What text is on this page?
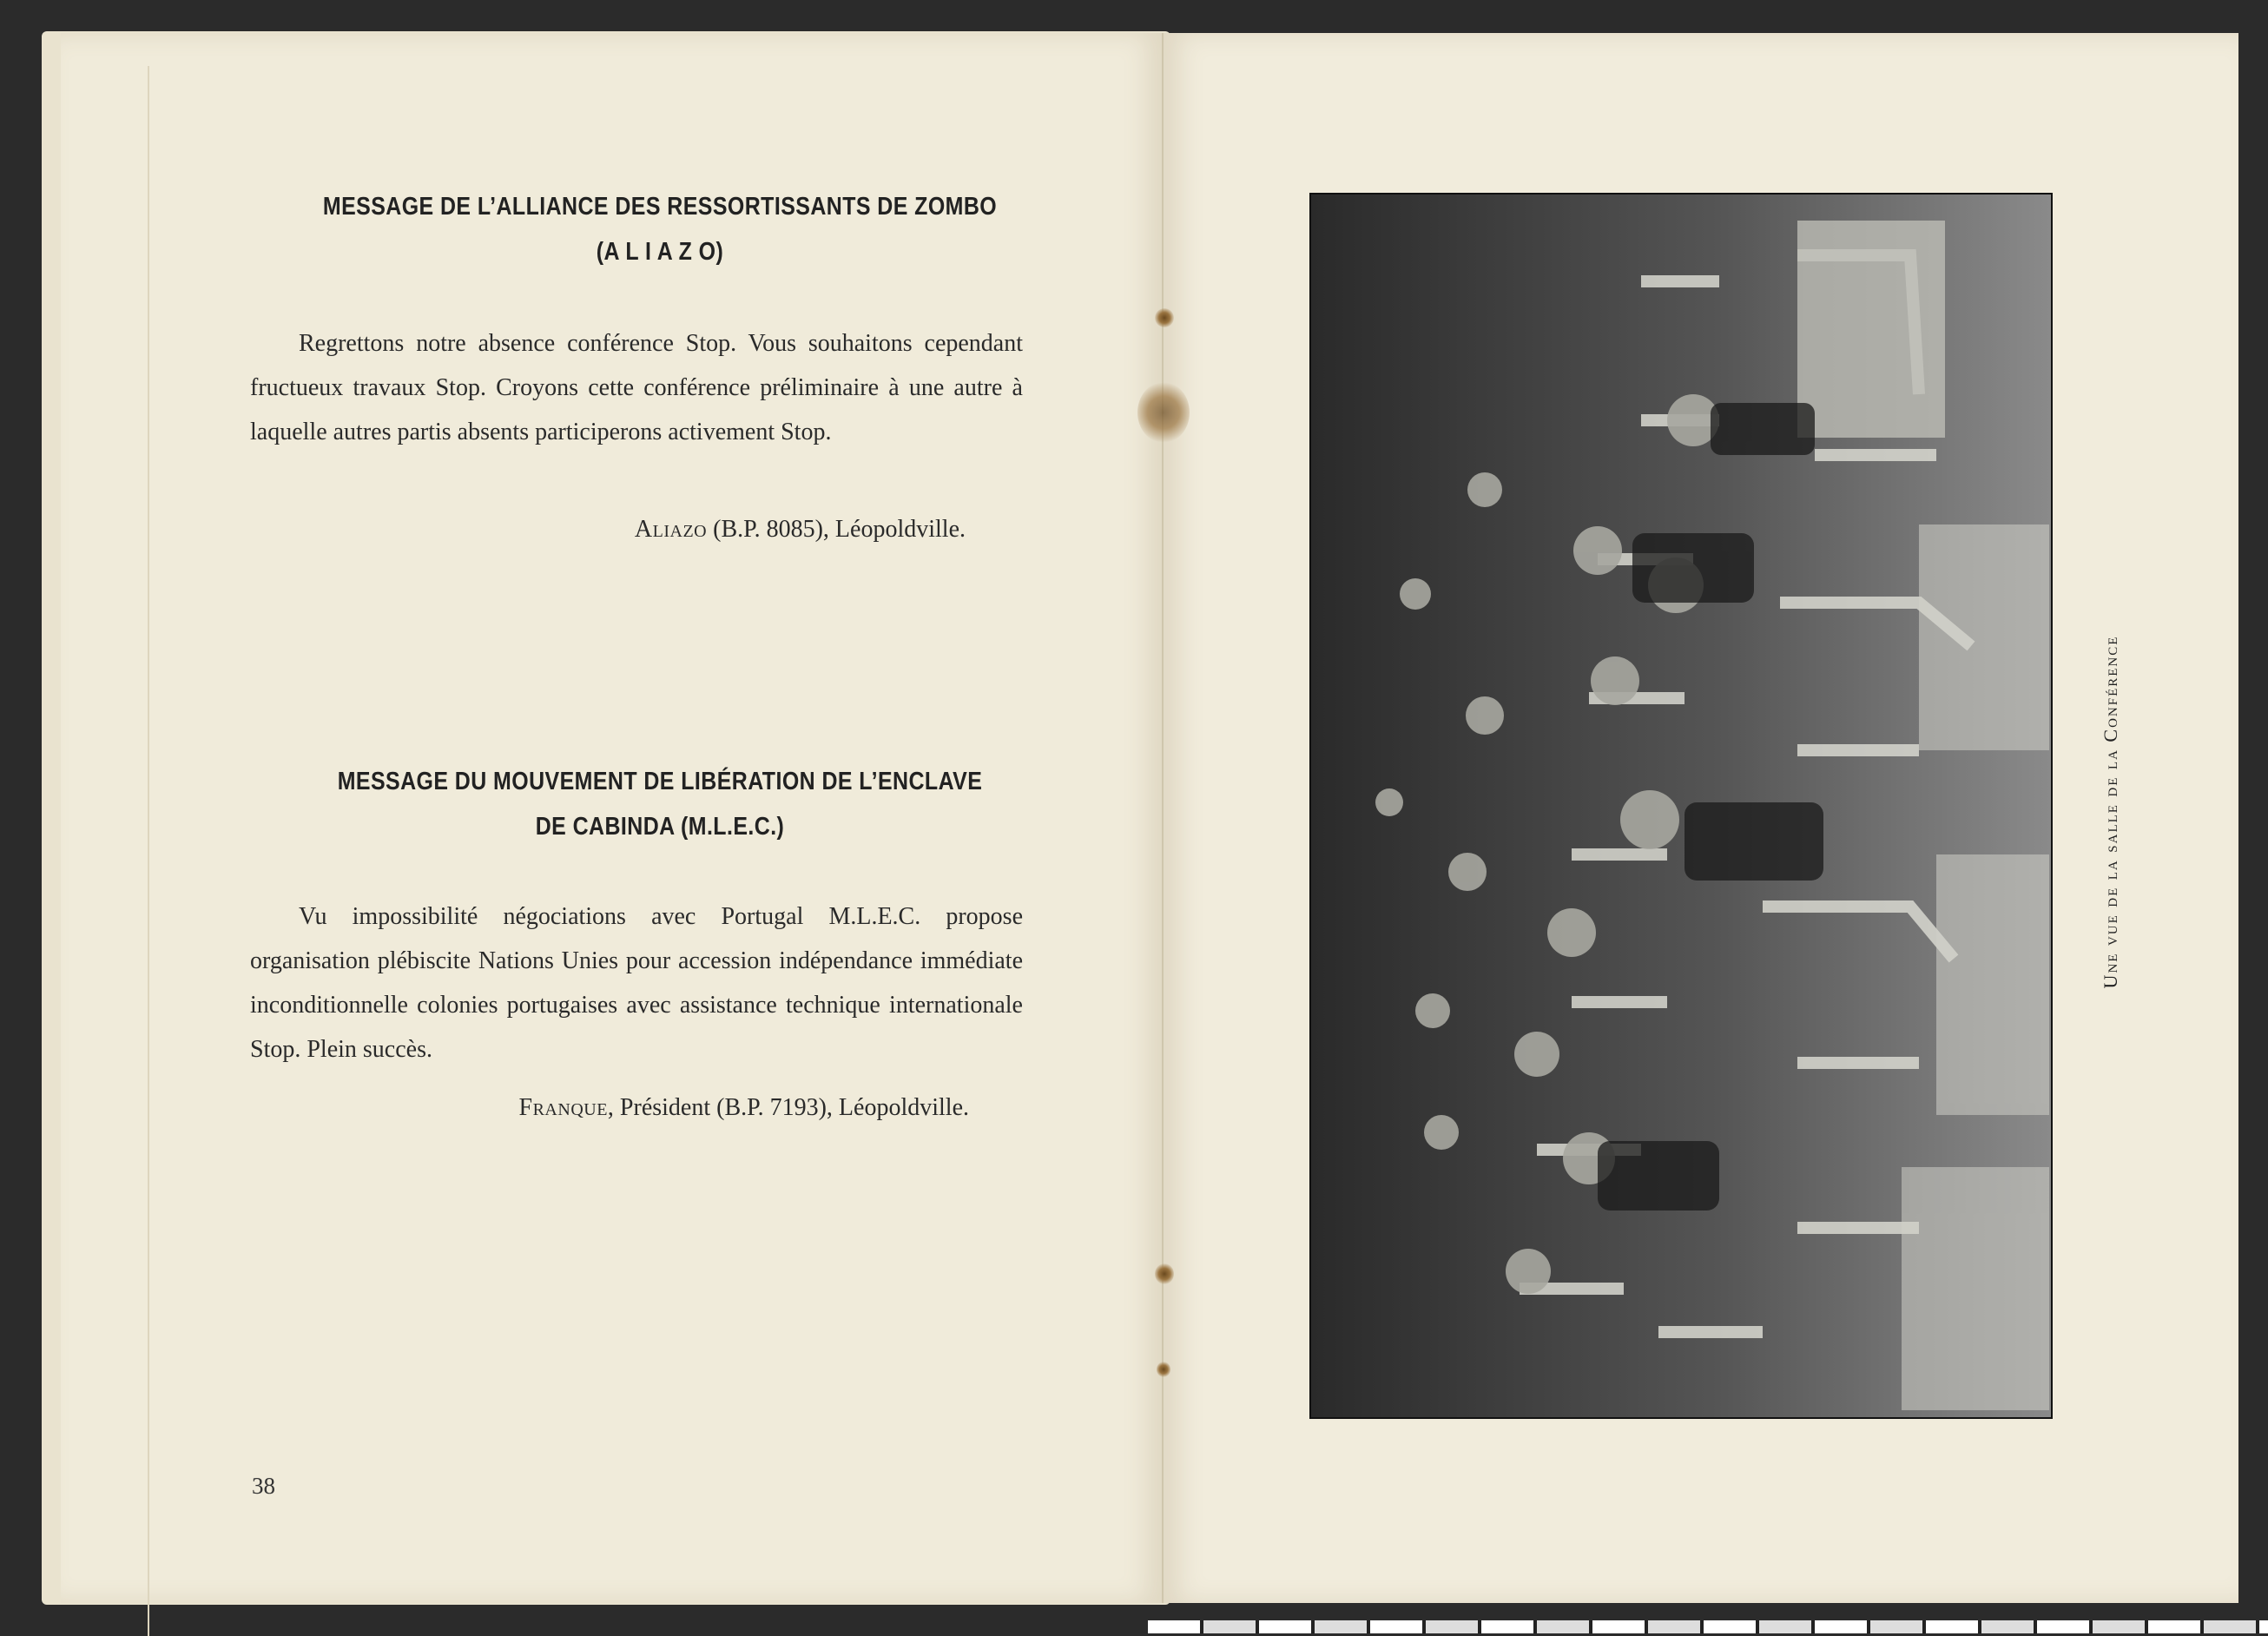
MESSAGE DE L’ALLIANCE DES RESSORTISSANTS DE ZOMBO
(A L I A Z O)
Regrettons notre absence conférence Stop. Vous souhaitons cependant fructueux travaux Stop. Croyons cette conférence préliminaire à une autre à laquelle autres partis absents participerons activement Stop.
Aliazo (B.P. 8085), Léopoldville.
MESSAGE DU MOUVEMENT DE LIBÉRATION DE L’ENCLAVE
DE CABINDA (M.L.E.C.)
Vu impossibilité négociations avec Portugal M.L.E.C. propose organisation plébiscite Nations Unies pour accession indépendance immédiate inconditionnelle colonies portugaises avec assistance technique internationale Stop. Plein succès.
Franque, Président (B.P. 7193), Léopoldville.
38
Une vue de la salle de la Conférence
